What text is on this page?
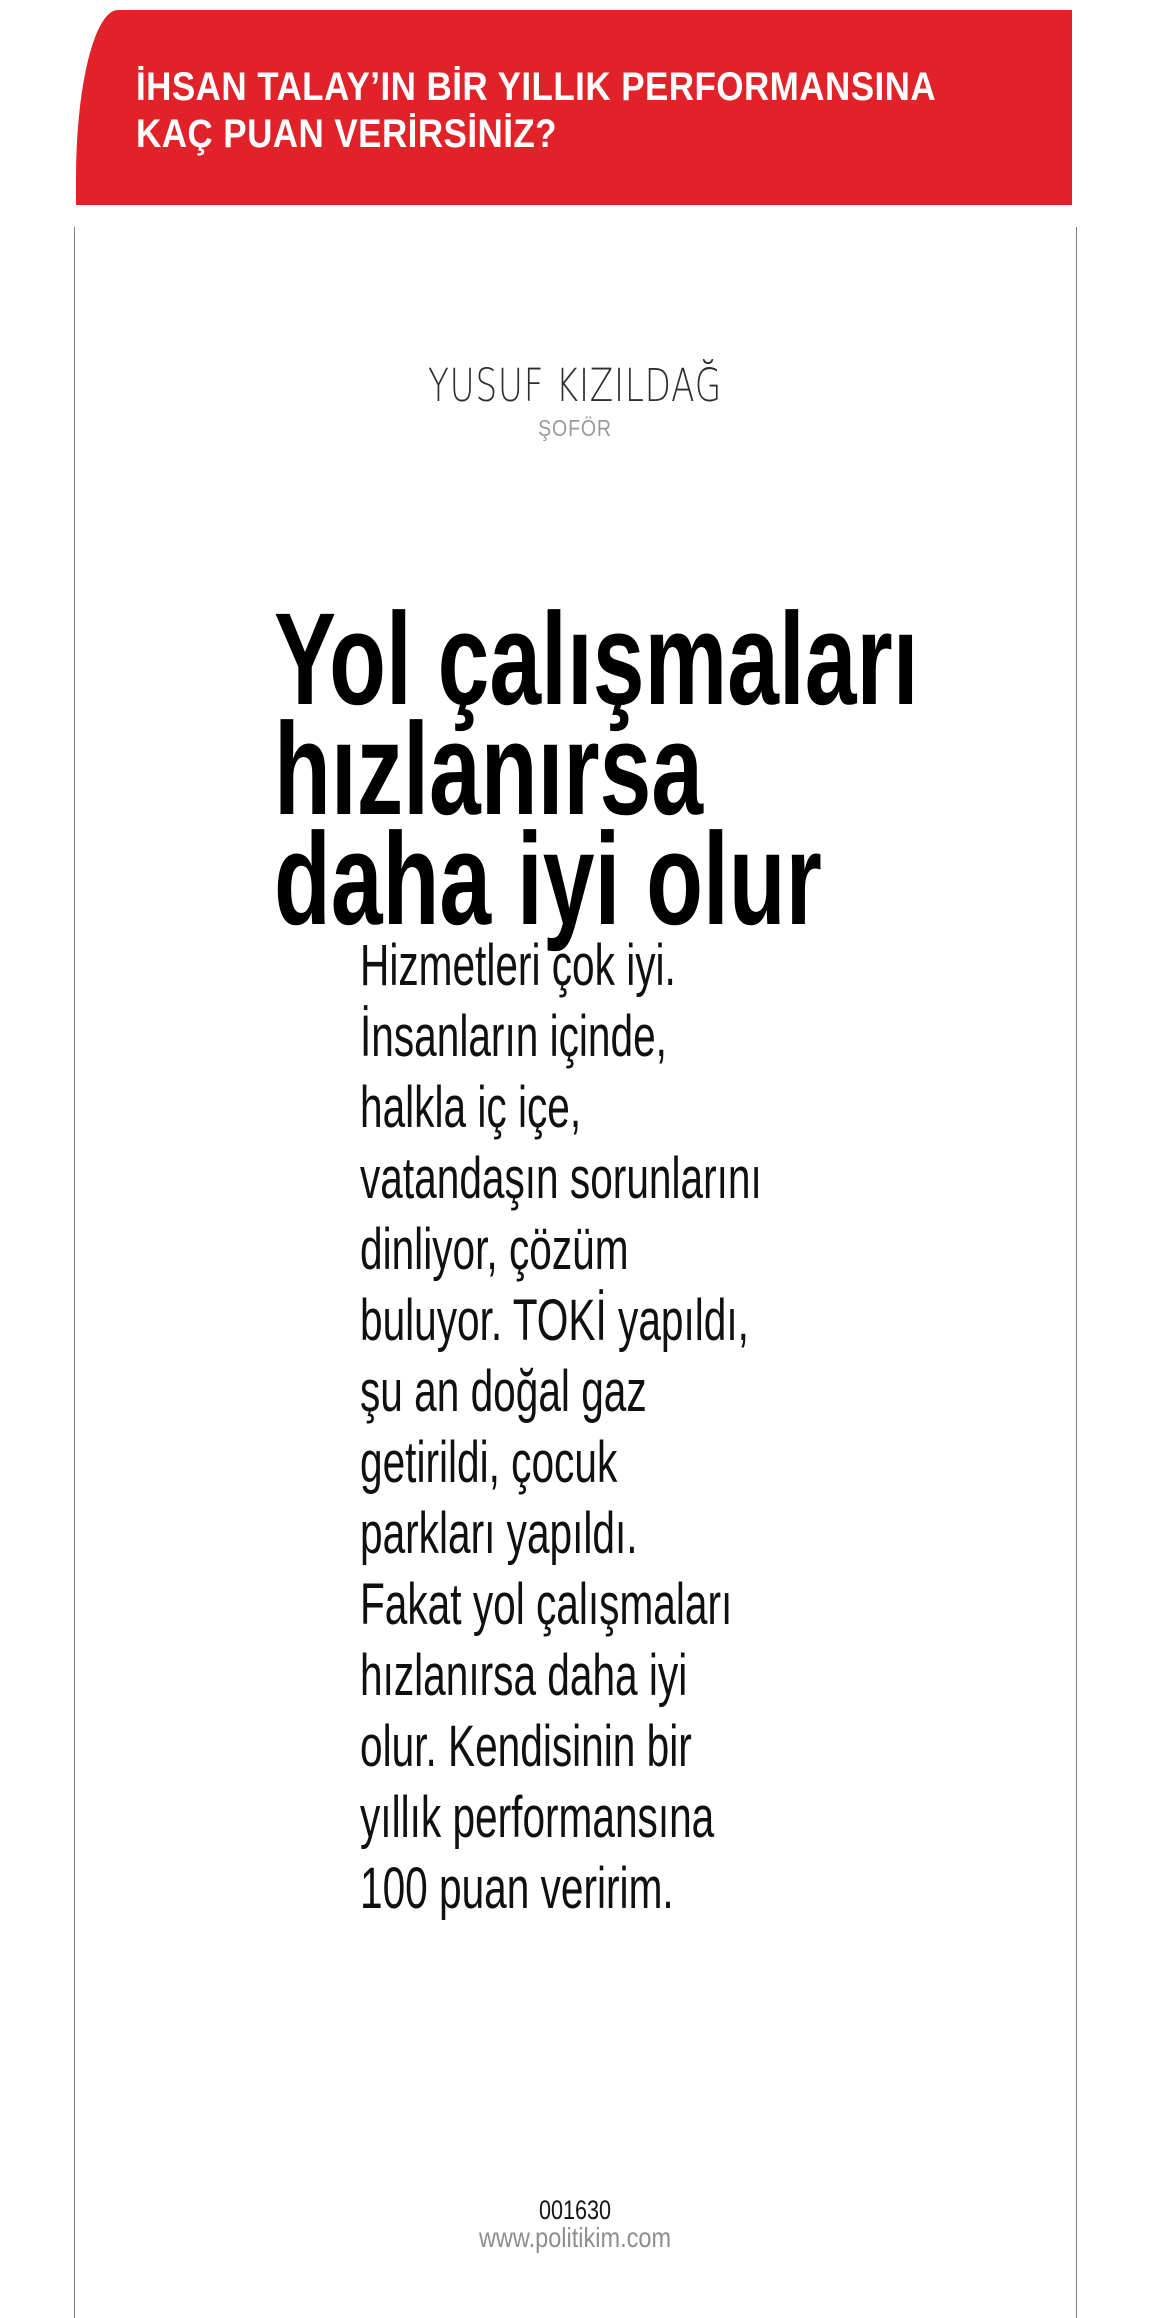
İHSAN TALAY’IN BİR YILLIK PERFORMANSINA
KAÇ PUAN VERİRSİNİZ?
YUSUF KIZILDAĞ
ŞOFÖR
Yol çalışmaları
hızlanırsa
daha iyi olur
Hizmetleri çok iyi.
İnsanların içinde,
halkla iç içe,
vatandaşın sorunlarını
dinliyor, çözüm
buluyor. TOKİ yapıldı,
şu an doğal gaz
getirildi, çocuk
parkları yapıldı.
Fakat yol çalışmaları
hızlanırsa daha iyi
olur. Kendisinin bir
yıllık performansına
100 puan veririm.
001630
www.politikim.com
